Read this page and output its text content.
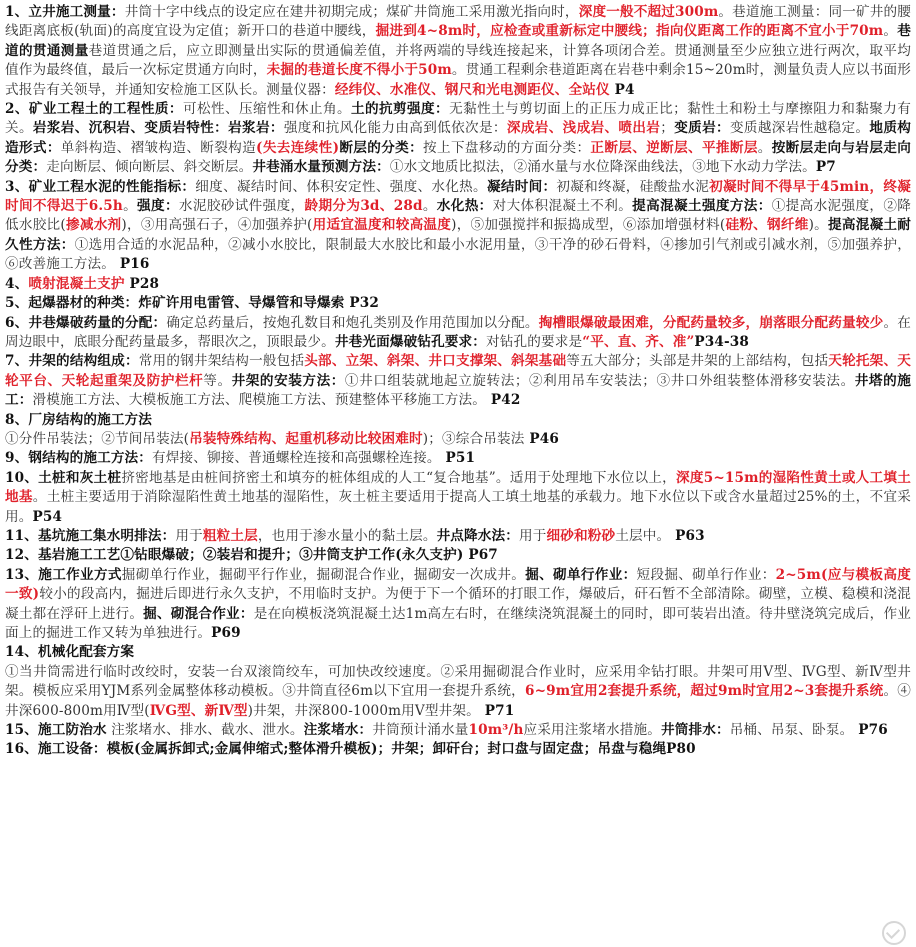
1、立井施工测量：井筒十字中线点的设定应在建井初期完成；煤矿井筒施工采用激光指向时，深度一般不超过300m。巷道施工测量：同一矿井的腰线距离底板(轨面)的高度宜设为定值；新开口的巷道中腰线，掘进到4~8m时，应检查或重新标定中腰线；指向仪距离工作的距离不宜小于70m。巷道的贯通测量巷道贯通之后，应立即测量出实际的贯通偏差值，并将两端的导线连接起来，计算各项闭合差。贯通测量至少应独立进行两次，取平均值作为最终值，最后一次标定贯通方向时，未掘的巷道长度不得小于50m。贯通工程剩余巷道距离在岩巷中剩余15~20m时，测量负责人应以书面形式报告有关领导，并通知安检施工区队长。测量仪器：经纬仪、水准仪、钢尺和光电测距仪、全站仪 P4
2、矿业工程土的工程性质：可松性、压缩性和休止角。土的抗剪强度：无黏性土与剪切面上的正压力成正比；黏性土和粉土与摩擦阻力和黏聚力有关。岩浆岩、沉积岩、变质岩特性：岩浆岩：强度和抗风化能力由高到低依次是：深成岩、浅成岩、喷出岩；变质岩：变质越深岩性越稳定。地质构造形式：单斜构造、褶皱构造、断裂构造(失去连续性)断层的分类：按上下盘移动的方面分类：正断层、逆断层、平推断层。按断层走向与岩层走向分类：走向断层、倾向断层、斜交断层。井巷涌水量预测方法：①水文地质比拟法，②涌水量与水位降深曲线法，③地下水动力学法。P7
3、矿业工程水泥的性能指标：细度、凝结时间、体积安定性、强度、水化热。凝结时间：初凝和终凝，硅酸盐水泥初凝时间不得早于45min，终凝时间不得迟于6.5h。强度：水泥胶砂试件强度，龄期分为3d、28d。水化热：对大体积混凝土不利。提高混凝土强度方法：①提高水泥强度，②降低水胶比(掺减水剂)，③用高强石子，④加强养护(用适宜温度和较高温度)，⑤加强搅拌和振捣成型，⑥添加增强材料(硅粉、钢纤维)。提高混凝土耐久性方法：①选用合适的水泥品种，②减小水胶比，限制最大水胶比和最小水泥用量，③干净的砂石骨料，④掺加引气剂或引减水剂，⑤加强养护，⑥改善施工方法。 P16
4、喷射混凝土支护 P28
5、起爆器材的种类：炸矿许用电雷管、导爆管和导爆索 P32
6、井巷爆破药量的分配：确定总药量后，按炮孔数目和炮孔类别及作用范围加以分配。掏槽眼爆破最困难，分配药量较多，崩落眼分配药量较少。在周边眼中，底眼分配药量最多，帮眼次之，顶眼最少。井巷光面爆破钻孔要求：对钻孔的要求是“平、直、齐、准”P34-38
7、井架的结构组成：常用的钢井架结构一般包括头部、立架、斜架、井口支撑架、斜架基础等五大部分；头部是井架的上部结构，包括天轮托架、天轮平台、天轮起重架及防护栏杆等。井架的安装方法：①井口组装就地起立旋转法；②利用吊车安装法；③井口外组装整体滑移安装法。井塔的施工：滑模施工方法、大模板施工方法、爬模施工方法、预建整体平移施工方法。 P42
8、厂房结构的施工方法
①分件吊装法；②节间吊装法(吊装特殊结构、起重机移动比较困难时)；③综合吊装法 P46
9、钢结构的施工方法：有焊接、铆接、普通螺栓连接和高强螺栓连接。 P51
10、土桩和灰土桩挤密地基是由桩间挤密土和填夯的桩体组成的人工“复合地基”。适用于处理地下水位以上，深度5~15m的湿陷性黄土或人工填土地基。土桩主要适用于消除湿陷性黄土地基的湿陷性，灰土桩主要适用于提高人工填土地基的承载力。地下水位以下或含水量超过25%的土，不宜采用。P54
11、基坑施工集水明排法：用于粗粒土层，也用于渗水量小的黏土层。井点降水法：用于细砂和粉砂土层中。 P63
12、基岩施工工艺①钻眼爆破；②装岩和提升；③井筒支护工作(永久支护) P67
13、施工作业方式掘砌单行作业，掘砌平行作业，掘砌混合作业，掘砌安一次成井。掘、砌单行作业：短段掘、砌单行作业：2~5m(应与模板高度一致)较小的段高内，掘进后即进行永久支护，不用临时支护。为便于下一个循环的打眼工作，爆破后，矸石暂不全部清除。砌壁，立模、稳模和浇混凝土都在浮矸上进行。掘、砌混合作业：是在向模板浇筑混凝土达1m高左右时，在继续浇筑混凝土的同时，即可装岩出渣。待井壁浇筑完成后，作业面上的掘进工作又转为单独进行。P69
14、机械化配套方案
①当井筒需进行临时改绞时，安装一台双滚筒绞车，可加快改绞速度。②采用掘砌混合作业时，应采用伞钻打眼。井架可用Ⅴ型、ⅣG型、新Ⅳ型井架。模板应采用YJM系列金属整体移动模板。③井筒直径6m以下宜用一套提升系统，6~9m宜用2套提升系统，超过9m时宜用2~3套提升系统。④井深600-800m用Ⅳ型(ⅣG型、新Ⅳ型)井架，井深800-1000m用Ⅴ型井架。 P71
15、施工防治水 注浆堵水、排水、截水、泄水。注浆堵水：井筒预计涌水量10m³/h应采用注浆堵水措施。井筒排水：吊桶、吊泵、卧泵。 P76
16、施工设备：模板(金属拆卸式;金属伸缩式;整体滑升模板)；井架；卸矸台；封口盘与固定盘；吊盘与稳绳P80
